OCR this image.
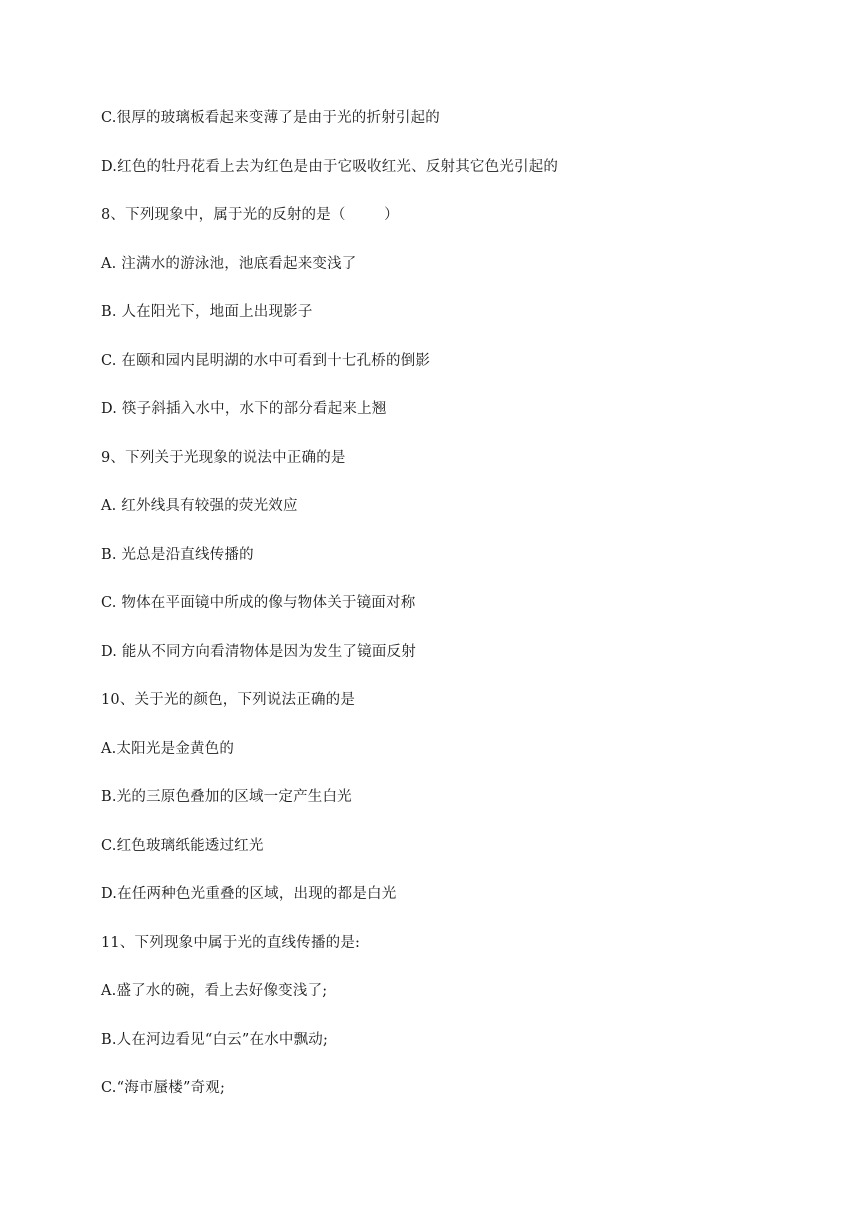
C.很厚的玻璃板看起来变薄了是由于光的折射引起的
D.红色的牡丹花看上去为红色是由于它吸收红光、反射其它色光引起的
8、下列现象中，属于光的反射的是（        ）
A. 注满水的游泳池，池底看起来变浅了
B. 人在阳光下，地面上出现影子
C. 在颐和园内昆明湖的水中可看到十七孔桥的倒影
D. 筷子斜插入水中，水下的部分看起来上翘
9、下列关于光现象的说法中正确的是
A. 红外线具有较强的荧光效应
B. 光总是沿直线传播的
C. 物体在平面镜中所成的像与物体关于镜面对称
D. 能从不同方向看清物体是因为发生了镜面反射
10、关于光的颜色，下列说法正确的是
A.太阳光是金黄色的
B.光的三原色叠加的区域一定产生白光
C.红色玻璃纸能透过红光
D.在任两种色光重叠的区域，出现的都是白光
11、下列现象中属于光的直线传播的是:
A.盛了水的碗，看上去好像变浅了;
B.人在河边看见“白云”在水中飘动;
C.“海市蜃楼”奇观;
